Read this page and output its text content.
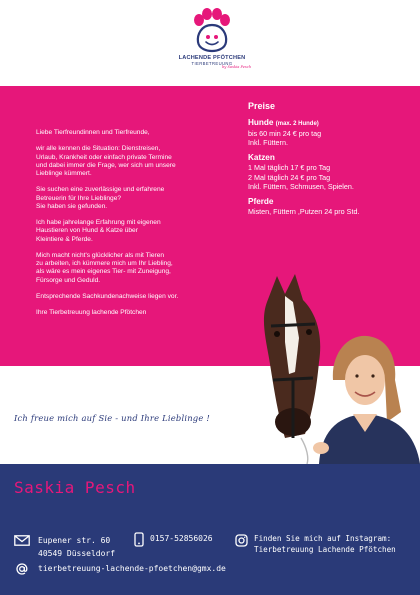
LACHENDE PFÖTCHEN
TIERBETREUUNG
by Saskia Pesch

Liebe Tierfreundinnen und Tierfreunde,

wir alle kennen die Situation: Dienstreisen,
Urlaub, Krankheit oder einfach private Termine
und dabei immer die Frage, wer sich um unsere
Lieblinge kümmert.

Sie suchen eine zuverlässige und erfahrene
Betreuerin für Ihre Lieblinge?
Sie haben sie gefunden.

Ich habe jahrelange Erfahrung mit eigenen
Haustieren von Hund & Katze über
Kleintiere & Pferde.

Mich macht nicht's glücklicher als mit Tieren
zu arbeiten, ich kümmere mich um Ihr Liebling,
als wäre es mein eigenes Tier- mit Zuneigung,
Fürsorge und Geduld.

Entsprechende Sachkundenachweise liegen vor.

Ihre Tierbetreuung lachende Pfötchen

Preise
Hunde (max. 2 Hunde)
bis 60 min 24 € pro tag
Inkl. Füttern.
Katzen
1 Mal täglich 17 € pro Tag
2 Mal täglich 24 € pro Tag
Inkl. Füttern, Schmusen, Spielen.
Pferde
Misten, Füttern ,Putzen 24 pro Std.
Ich freue mich auf Sie - und Ihre Lieblinge !
Saskia Pesch
Eupener str. 60
40549 Düsseldorf
0157-52856026	Finden Sie mich auf Instagram:
Tierbetreuung Lachende Pfötchen
tierbetreuung-lachende-pfoetchen@gmx.de
